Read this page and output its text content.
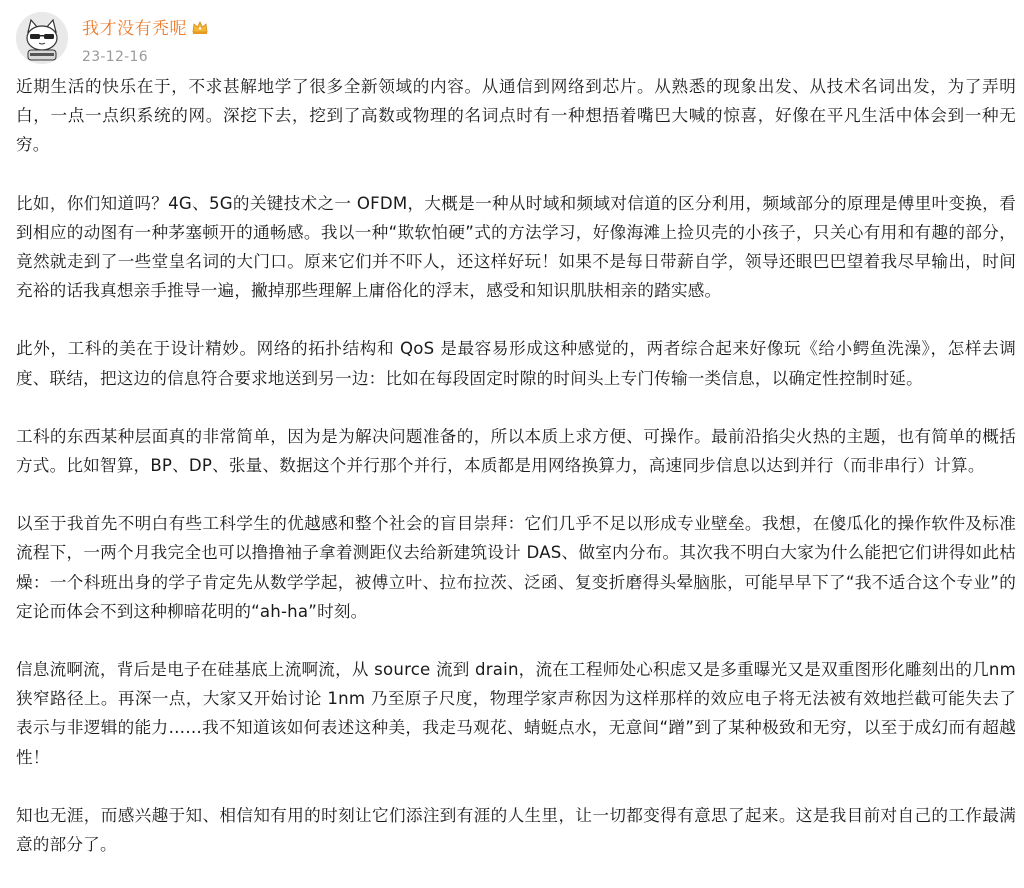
我才没有秃呢
23-12-16

近期生活的快乐在于，不求甚解地学了很多全新领域的内容。从通信到网络到芯片。从熟悉的现象出发、从技术名词出发，为了弄明白，一点一点织系统的网。深挖下去，挖到了高数或物理的名词点时有一种想捂着嘴巴大喊的惊喜，好像在平凡生活中体会到一种无穷。

比如，你们知道吗？4G、5G的关键技术之一 OFDM，大概是一种从时域和频域对信道的区分利用，频域部分的原理是傅里叶变换，看到相应的动图有一种茅塞顿开的通畅感。我以一种“欺软怕硬”式的方法学习，好像海滩上捡贝壳的小孩子，只关心有用和有趣的部分，竟然就走到了一些堂皇名词的大门口。原来它们并不吓人，还这样好玩！如果不是每日带薪自学，领导还眼巴巴望着我尽早输出，时间充裕的话我真想亲手推导一遍，撇掉那些理解上庸俗化的浮末，感受和知识肌肤相亲的踏实感。

此外，工科的美在于设计精妙。网络的拓扑结构和 QoS 是最容易形成这种感觉的，两者综合起来好像玩《给小鳄鱼洗澡》，怎样去调度、联结，把这边的信息符合要求地送到另一边：比如在每段固定时隙的时间头上专门传输一类信息，以确定性控制时延。

工科的东西某种层面真的非常简单，因为是为解决问题准备的，所以本质上求方便、可操作。最前沿掐尖火热的主题，也有简单的概括方式。比如智算，BP、DP、张量、数据这个并行那个并行，本质都是用网络换算力，高速同步信息以达到并行（而非串行）计算。

以至于我首先不明白有些工科学生的优越感和整个社会的盲目崇拜：它们几乎不足以形成专业壁垒。我想，在傻瓜化的操作软件及标准流程下，一两个月我完全也可以撸撸袖子拿着测距仪去给新建筑设计 DAS、做室内分布。其次我不明白大家为什么能把它们讲得如此枯燥：一个科班出身的学子肯定先从数学学起，被傅立叶、拉布拉茨、泛函、复变折磨得头晕脑胀，可能早早下了“我不适合这个专业”的定论而体会不到这种柳暗花明的“ah-ha”时刻。

信息流啊流，背后是电子在硅基底上流啊流，从 source 流到 drain，流在工程师处心积虑又是多重曝光又是双重图形化雕刻出的几nm狭窄路径上。再深一点，大家又开始讨论 1nm 乃至原子尺度，物理学家声称因为这样那样的效应电子将无法被有效地拦截可能失去了表示与非逻辑的能力……我不知道该如何表述这种美，我走马观花、蜻蜓点水，无意间“蹭”到了某种极致和无穷，以至于成幻而有超越性！

知也无涯，而感兴趣于知、相信知有用的时刻让它们添注到有涯的人生里，让一切都变得有意思了起来。这是我目前对自己的工作最满意的部分了。
